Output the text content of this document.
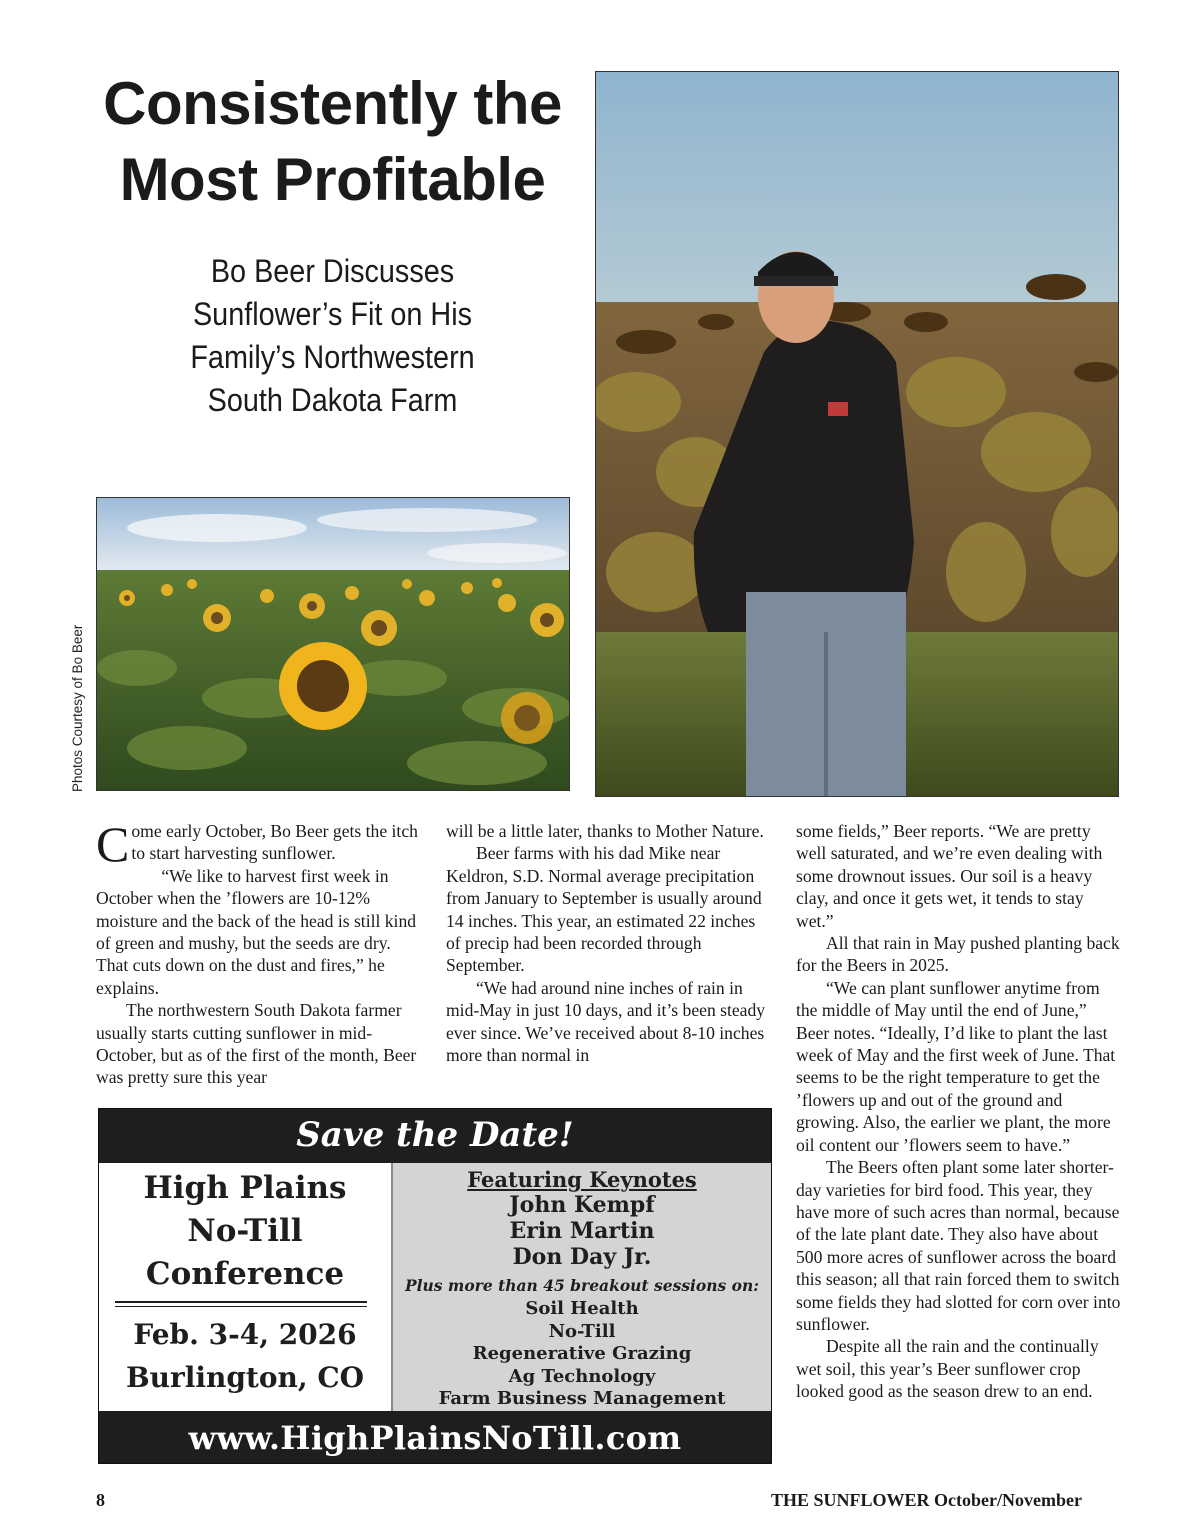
Consistently the
Most Profitable
Bo Beer Discusses
Sunflower’s Fit on His
Family’s Northwestern
South Dakota Farm
Photos Courtesy of Bo Beer
C ome early October, Bo Beer gets the itch to start harvesting sunflower.

“We like to harvest first week in October when the ’flowers are 10-12% moisture and the back of the head is still kind of green and mushy, but the seeds are dry. That cuts down on the dust and fires,” he explains.

The northwestern South Dakota farmer usually starts cutting sunflower in mid-October, but as of the first of the month, Beer was pretty sure this year

will be a little later, thanks to Mother Nature.

Beer farms with his dad Mike near Keldron, S.D. Normal average precipitation from January to September is usually around 14 inches. This year, an estimated 22 inches of precip had been recorded through September.

“We had around nine inches of rain in mid-May in just 10 days, and it’s been steady ever since. We’ve received about 8-10 inches more than normal in

some fields,” Beer reports. “We are pretty well saturated, and we’re even dealing with some drownout issues. Our soil is a heavy clay, and once it gets wet, it tends to stay wet.”

All that rain in May pushed planting back for the Beers in 2025.

“We can plant sunflower anytime from the middle of May until the end of June,” Beer notes. “Ideally, I’d like to plant the last week of May and the first week of June. That seems to be the right temperature to get the ’flowers up and out of the ground and growing. Also, the earlier we plant, the more oil content our ’flowers seem to have.”

The Beers often plant some later shorter-day varieties for bird food. This year, they have more of such acres than normal, because of the late plant date. They also have about 500 more acres of sunflower across the board this season; all that rain forced them to switch some fields they had slotted for corn over into sunflower.

Despite all the rain and the continually wet soil, this year’s Beer sunflower crop looked good as the season drew to an end.

Save the Date!
High Plains
No-Till
Conference
Feb. 3-4, 2026
Burlington, CO
Featuring Keynotes
John Kempf
Erin Martin
Don Day Jr.
Plus more than 45 breakout sessions on:
Soil Health
No-Till
Regenerative Grazing
Ag Technology
Farm Business Management
www.HighPlainsNoTill.com
8	THE SUNFLOWER October/November
